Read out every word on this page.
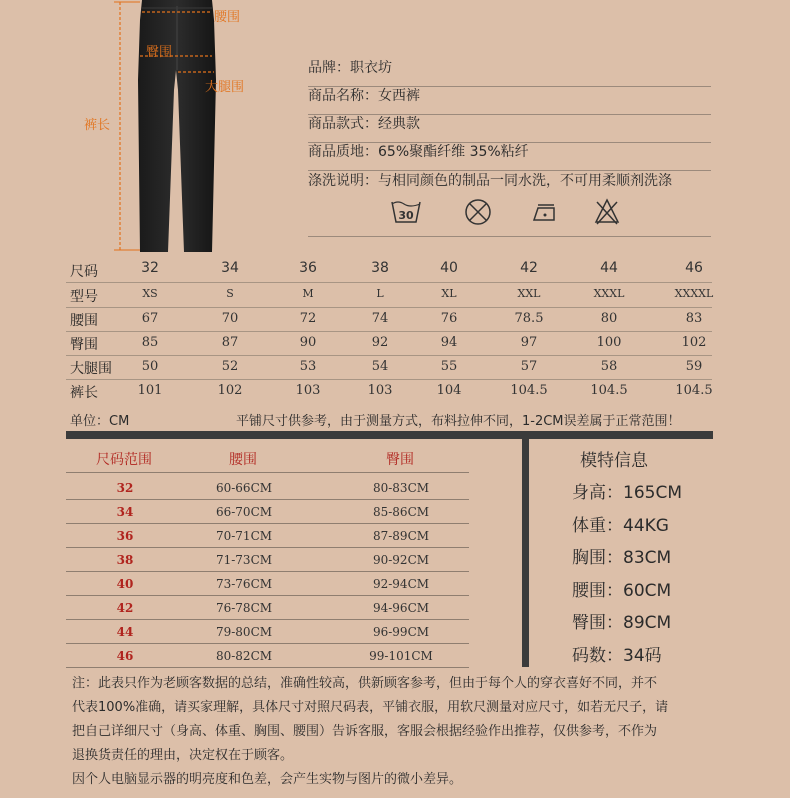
腰围
臀围
大腿围
裤长
品牌：职衣坊
商品名称：女西裤
商品款式：经典款
商品质地：65%聚酯纤维 35%粘纤
涤洗说明：与相同颜色的制品一同水洗，不可用柔顺剂洗涤
30
尺码	32	34	36	38	40	42	44	46
型号	XS	S	M	L	XL	XXL	XXXL	XXXXL
腰围	67	70	72	74	76	78.5	80	83
臀围	85	87	90	92	94	97	100	102
大腿围	50	52	53	54	55	57	58	59
裤长	101	102	103	103	104	104.5	104.5	104.5
单位：CM	平铺尺寸供参考，由于测量方式，布料拉伸不同，1-2CM误差属于正常范围！
尺码范围	腰围	臀围
32	60-66CM	80-83CM
34	66-70CM	85-86CM
36	70-71CM	87-89CM
38	71-73CM	90-92CM
40	73-76CM	92-94CM
42	76-78CM	94-96CM
44	79-80CM	96-99CM
46	80-82CM	99-101CM
模特信息
身高：165CM
体重：44KG
胸围：83CM
腰围：60CM
臀围：89CM
码数：34码
注：此表只作为老顾客数据的总结，准确性较高，供新顾客参考，但由于每个人的穿衣喜好不同，并不
代表100%准确，请买家理解，具体尺寸对照尺码表，平铺衣服，用软尺测量对应尺寸，如若无尺子，请
把自己详细尺寸（身高、体重、胸围、腰围）告诉客服，客服会根据经验作出推荐，仅供参考，不作为
退换货责任的理由，决定权在于顾客。
因个人电脑显示器的明亮度和色差，会产生实物与图片的微小差异。
